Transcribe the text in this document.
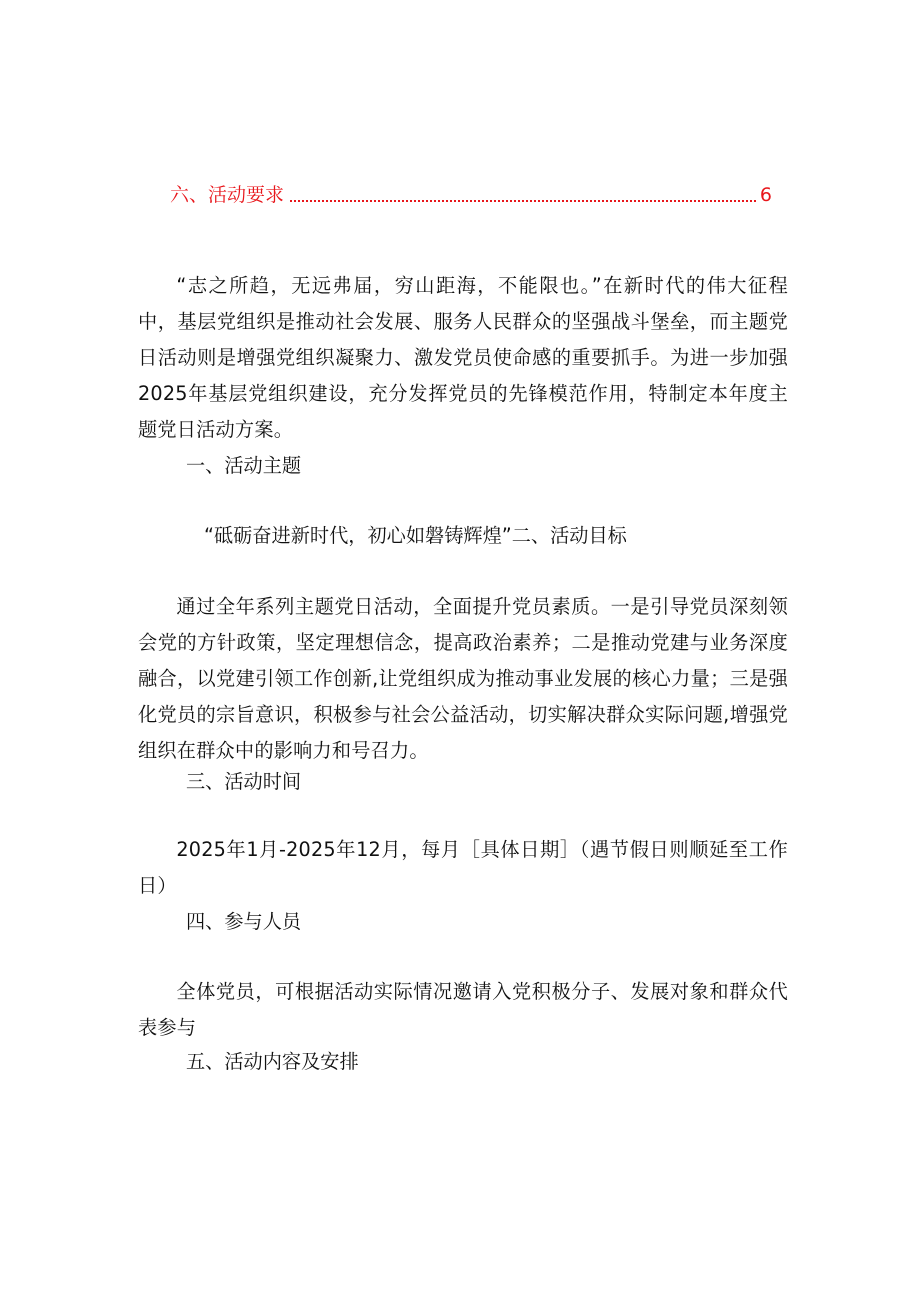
六、活动要求	6

“志之所趋，无远弗届，穷山距海，不能限也。”在新时代的伟大征程中，基层党组织是推动社会发展、服务人民群众的坚强战斗堡垒，而主题党日活动则是增强党组织凝聚力、激发党员使命感的重要抓手。为进一步加强2025年基层党组织建设，充分发挥党员的先锋模范作用，特制定本年度主题党日活动方案。

一、活动主题

“砥砺奋进新时代，初心如磐铸辉煌”二、活动目标

通过全年系列主题党日活动，全面提升党员素质。一是引导党员深刻领会党的方针政策，坚定理想信念，提高政治素养；二是推动党建与业务深度融合，以党建引领工作创新,让党组织成为推动事业发展的核心力量；三是强化党员的宗旨意识，积极参与社会公益活动，切实解决群众实际问题,增强党组织在群众中的影响力和号召力。

三、活动时间

2025年1月-2025年12月，每月［具体日期］（遇节假日则顺延至工作日）

四、参与人员

全体党员，可根据活动实际情况邀请入党积极分子、发展对象和群众代表参与

五、活动内容及安排
